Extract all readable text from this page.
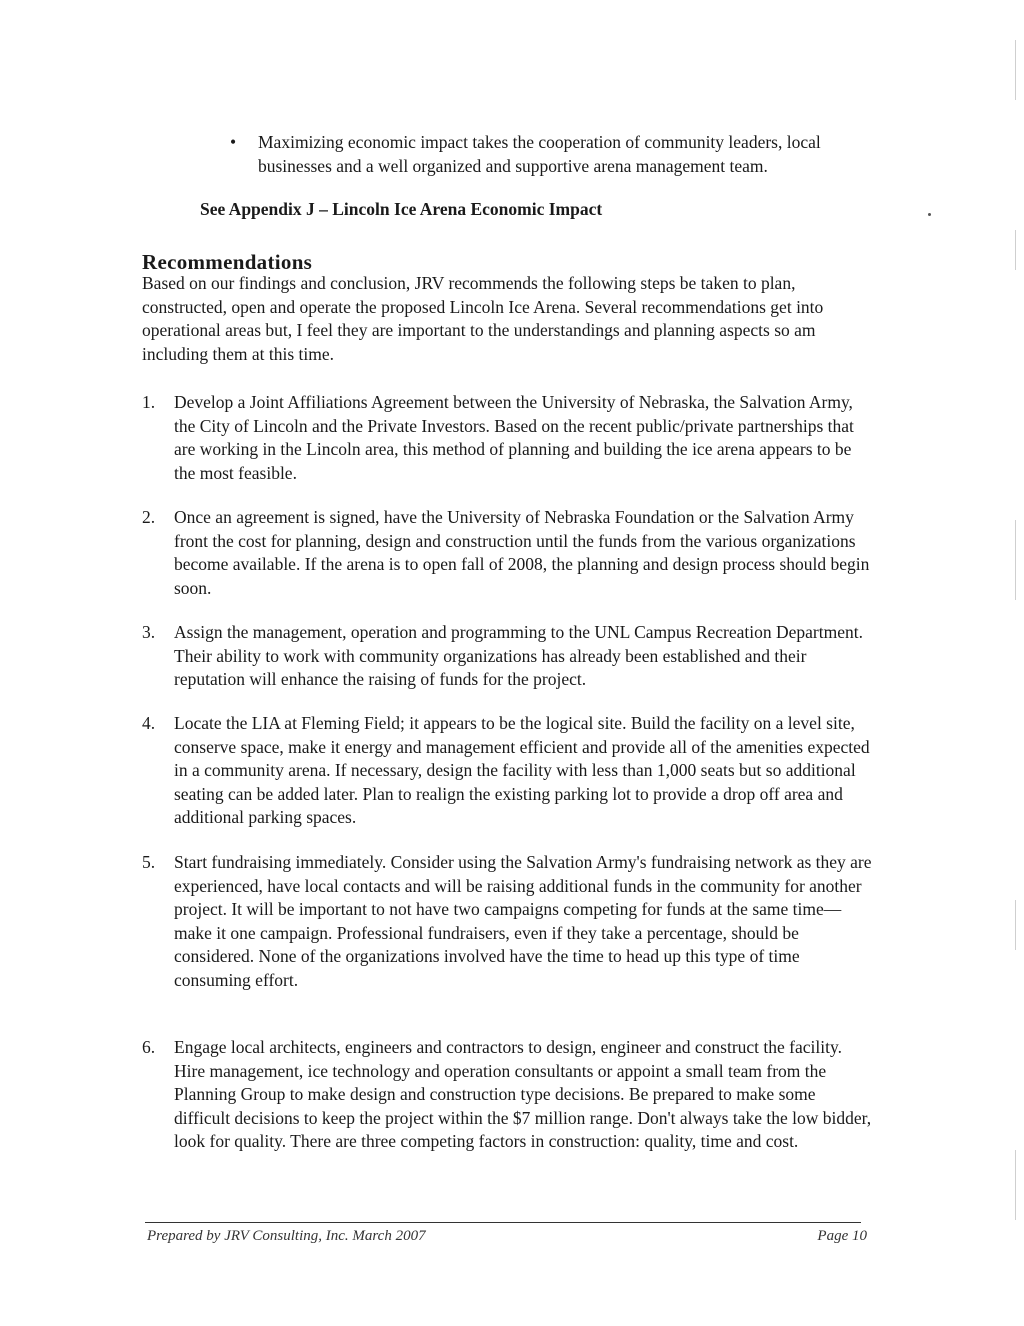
•	Maximizing economic impact takes the cooperation of community leaders, local businesses and a well organized and supportive arena management team.
See Appendix J – Lincoln Ice Arena Economic Impact
Recommendations
Based on our findings and conclusion, JRV recommends the following steps be taken to plan, constructed, open and operate the proposed Lincoln Ice Arena. Several recommendations get into operational areas but, I feel they are important to the understandings and planning aspects so am including them at this time.
1.	Develop a Joint Affiliations Agreement between the University of Nebraska, the Salvation Army, the City of Lincoln and the Private Investors. Based on the recent public/private partnerships that are working in the Lincoln area, this method of planning and building the ice arena appears to be the most feasible.
2.	Once an agreement is signed, have the University of Nebraska Foundation or the Salvation Army front the cost for planning, design and construction until the funds from the various organizations become available. If the arena is to open fall of 2008, the planning and design process should begin soon.
3.	Assign the management, operation and programming to the UNL Campus Recreation Department. Their ability to work with community organizations has already been established and their reputation will enhance the raising of funds for the project.
4.	Locate the LIA at Fleming Field; it appears to be the logical site. Build the facility on a level site, conserve space, make it energy and management efficient and provide all of the amenities expected in a community arena. If necessary, design the facility with less than 1,000 seats but so additional seating can be added later. Plan to realign the existing parking lot to provide a drop off area and additional parking spaces.
5.	Start fundraising immediately. Consider using the Salvation Army's fundraising network as they are experienced, have local contacts and will be raising additional funds in the community for another project. It will be important to not have two campaigns competing for funds at the same time—make it one campaign. Professional fundraisers, even if they take a percentage, should be considered. None of the organizations involved have the time to head up this type of time consuming effort.
6.	Engage local architects, engineers and contractors to design, engineer and construct the facility. Hire management, ice technology and operation consultants or appoint a small team from the Planning Group to make design and construction type decisions. Be prepared to make some difficult decisions to keep the project within the $7 million range. Don't always take the low bidder, look for quality. There are three competing factors in construction: quality, time and cost.
Prepared by JRV Consulting, Inc. March 2007	Page 10
